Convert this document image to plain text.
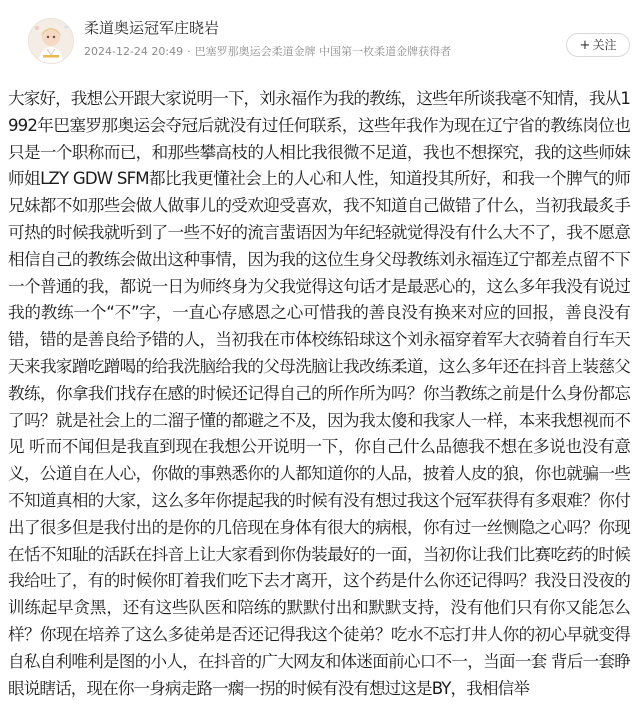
柔道奥运冠军庄晓岩
2024-12-24 20:49 · 巴塞罗那奥运会柔道金牌 中国第一枚柔道金牌获得者	+ 关注

大家好，我想公开跟大家说明一下，刘永福作为我的教练，这些年所谈我毫不知情，我从1992年巴塞罗那奥运会夺冠后就没有过任何联系，这些年我作为现在辽宁省的教练岗位也只是一个职称而已，和那些攀高枝的人相比我很微不足道，我也不想探究，我的这些师妹师姐LZY GDW SFM都比我更懂社会上的人心和人性，知道投其所好，和我一个脾气的师兄妹都不如那些会做人做事儿的受欢迎受喜欢，我不知道自己做错了什么，当初我最炙手可热的时候我就听到了一些不好的流言蜚语因为年纪轻就觉得没有什么大不了，我不愿意相信自己的教练会做出这种事情，因为我的这位生身父母教练刘永福连辽宁都差点留不下一个普通的我，都说一日为师终身为父我觉得这句话才是最恶心的，这么多年我没有说过我的教练一个“不”字，一直心存感恩之心可惜我的善良没有换来对应的回报，善良没有错，错的是善良给予错的人，当初我在市体校练铅球这个刘永福穿着军大衣骑着自行车天天来我家蹭吃蹭喝的给我洗脑给我的父母洗脑让我改练柔道，这么多年还在抖音上装慈父教练，你拿我们找存在感的时候还记得自己的所作所为吗？你当教练之前是什么身份都忘了吗？就是社会上的二溜子懂的都避之不及，因为我太傻和我家人一样，本来我想视而不见 听而不闻但是我直到现在我想公开说明一下，你自己什么品德我不想在多说也没有意义，公道自在人心，你做的事熟悉你的人都知道你的人品，披着人皮的狼，你也就骗一些不知道真相的大家，这么多年你提起我的时候有没有想过我这个冠军获得有多艰难？你付出了很多但是我付出的是你的几倍现在身体有很大的病根，你有过一丝恻隐之心吗？你现在恬不知耻的活跃在抖音上让大家看到你伪装最好的一面，当初你让我们比赛吃药的时候我给吐了，有的时候你盯着我们吃下去才离开，这个药是什么你还记得吗？我没日没夜的训练起早贪黑，还有这些队医和陪练的默默付出和默默支持，没有他们只有你又能怎么样？你现在培养了这么多徒弟是否还记得我这个徒弟？吃水不忘打井人你的初心早就变得自私自利唯利是图的小人，在抖音的广大网友和体迷面前心口不一，当面一套 背后一套睁眼说瞎话，现在你一身病走路一瘸一拐的时候有没有想过这是BY，我相信举
